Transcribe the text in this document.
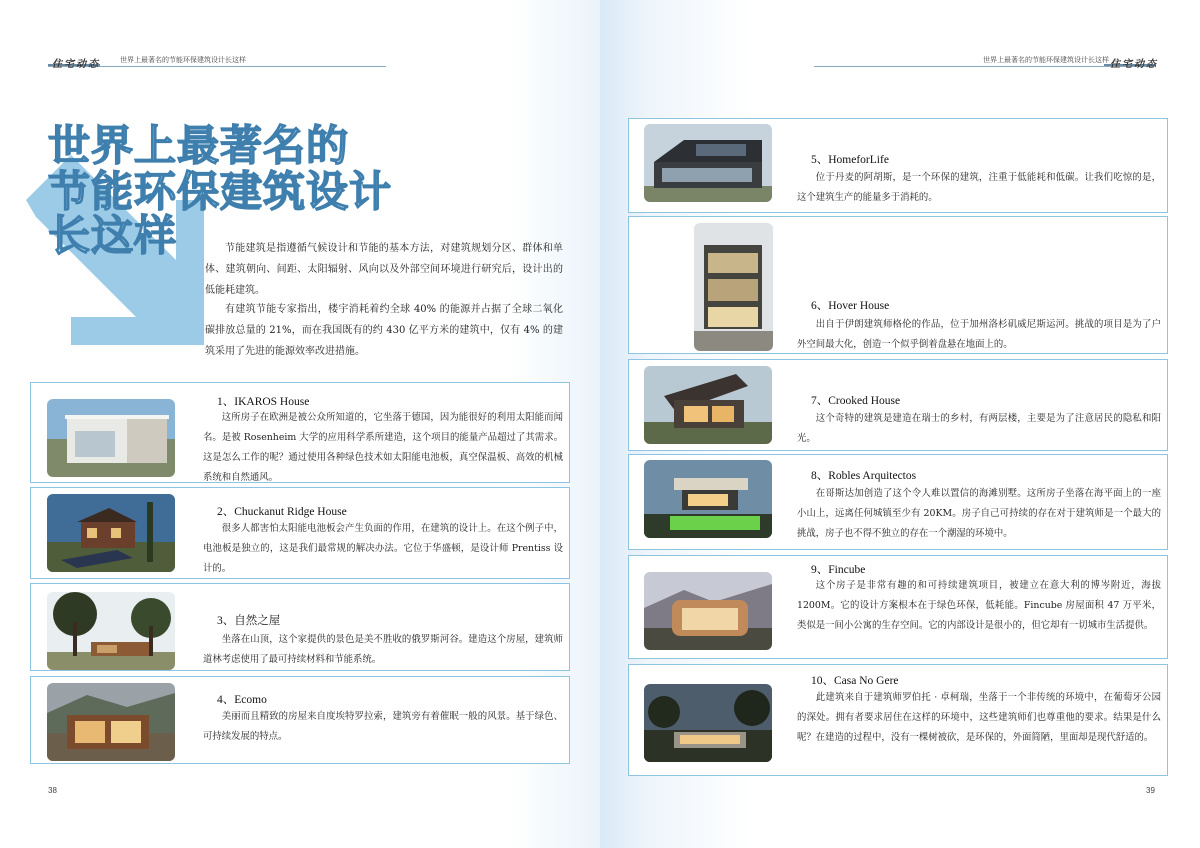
住宅动态	世界上最著名的节能环保建筑设计长这样
世界上最著名的
节能环保建筑设计
长这样	节能建筑是指遵循气候设计和节能的基本方法，对建筑规划分区、群体和单体、建筑朝向、间距、太阳辐射、风向以及外部空间环境进行研究后，设计出的低能耗建筑。

有建筑节能专家指出，楼宇消耗着约全球 40% 的能源并占据了全球二氧化碳排放总量的 21%，而在我国既有的约 430 亿平方米的建筑中，仅有 4% 的建筑采用了先进的能源效率改进措施。

1、IKAROS House

这所房子在欧洲是被公众所知道的，它坐落于德国，因为能很好的利用太阳能而闻名。是被 Rosenheim 大学的应用科学系所建造，这个项目的能量产品超过了其需求。这是怎么工作的呢？通过使用各种绿色技术如太阳能电池板，真空保温板、高效的机械系统和自然通风。

2、Chuckanut Ridge House

很多人都害怕太阳能电池板会产生负面的作用，在建筑的设计上。在这个例子中，电池板是独立的，这是我们最常规的解决办法。它位于华盛顿，是设计师 Prentiss 设计的。

3、自然之屋

坐落在山顶，这个家提供的景色是美不胜收的俄罗斯河谷。建造这个房屋，建筑师道林考虑使用了最可持续材料和节能系统。

4、Ecomo

美丽而且精致的房屋来自度埃特罗拉索，建筑旁有着催眠一般的风景。基于绿色、可持续发展的特点。

38
世界上最著名的节能环保建筑设计长这样 住宅动态
5、HomeforLife

位于丹麦的阿胡斯，是一个环保的建筑，注重于低能耗和低碳。让我们吃惊的是，这个建筑生产的能量多于消耗的。

6、Hover House

出自于伊朗建筑师格伦的作品，位于加州洛杉矶威尼斯运河。挑战的项目是为了户外空间最大化，创造一个似乎倒着盘悬在地面上的。

7、Crooked House

这个奇特的建筑是建造在瑞士的乡村，有两层楼，主要是为了注意居民的隐私和阳光。

8、Robles Arquitectos

在哥斯达加创造了这个令人难以置信的海滩别墅。这所房子坐落在海平面上的一座小山上，远离任何城镇至少有 20KM。房子自己可持续的存在对于建筑师是一个最大的挑战，房子也不得不独立的存在一个潮湿的环境中。

9、Fincube

这个房子是非常有趣的和可持续建筑项目，被建立在意大利的博岑附近，海拔 1200M。它的设计方案根本在于绿色环保，低耗能。Fincube 房屋面积 47 万平米，类似是一间小公寓的生存空间。它的内部设计是很小的，但它却有一切城市生活提供。

10、Casa No Gere

此建筑来自于建筑师罗伯托 · 卓柯瑞，坐落于一个非传统的环境中，在葡萄牙公园的深处。拥有者要求居住在这样的环境中，这些建筑师们也尊重他的要求。结果是什么呢？在建造的过程中，没有一棵树被砍，是环保的，外面简陋，里面却是现代舒适的。

39
